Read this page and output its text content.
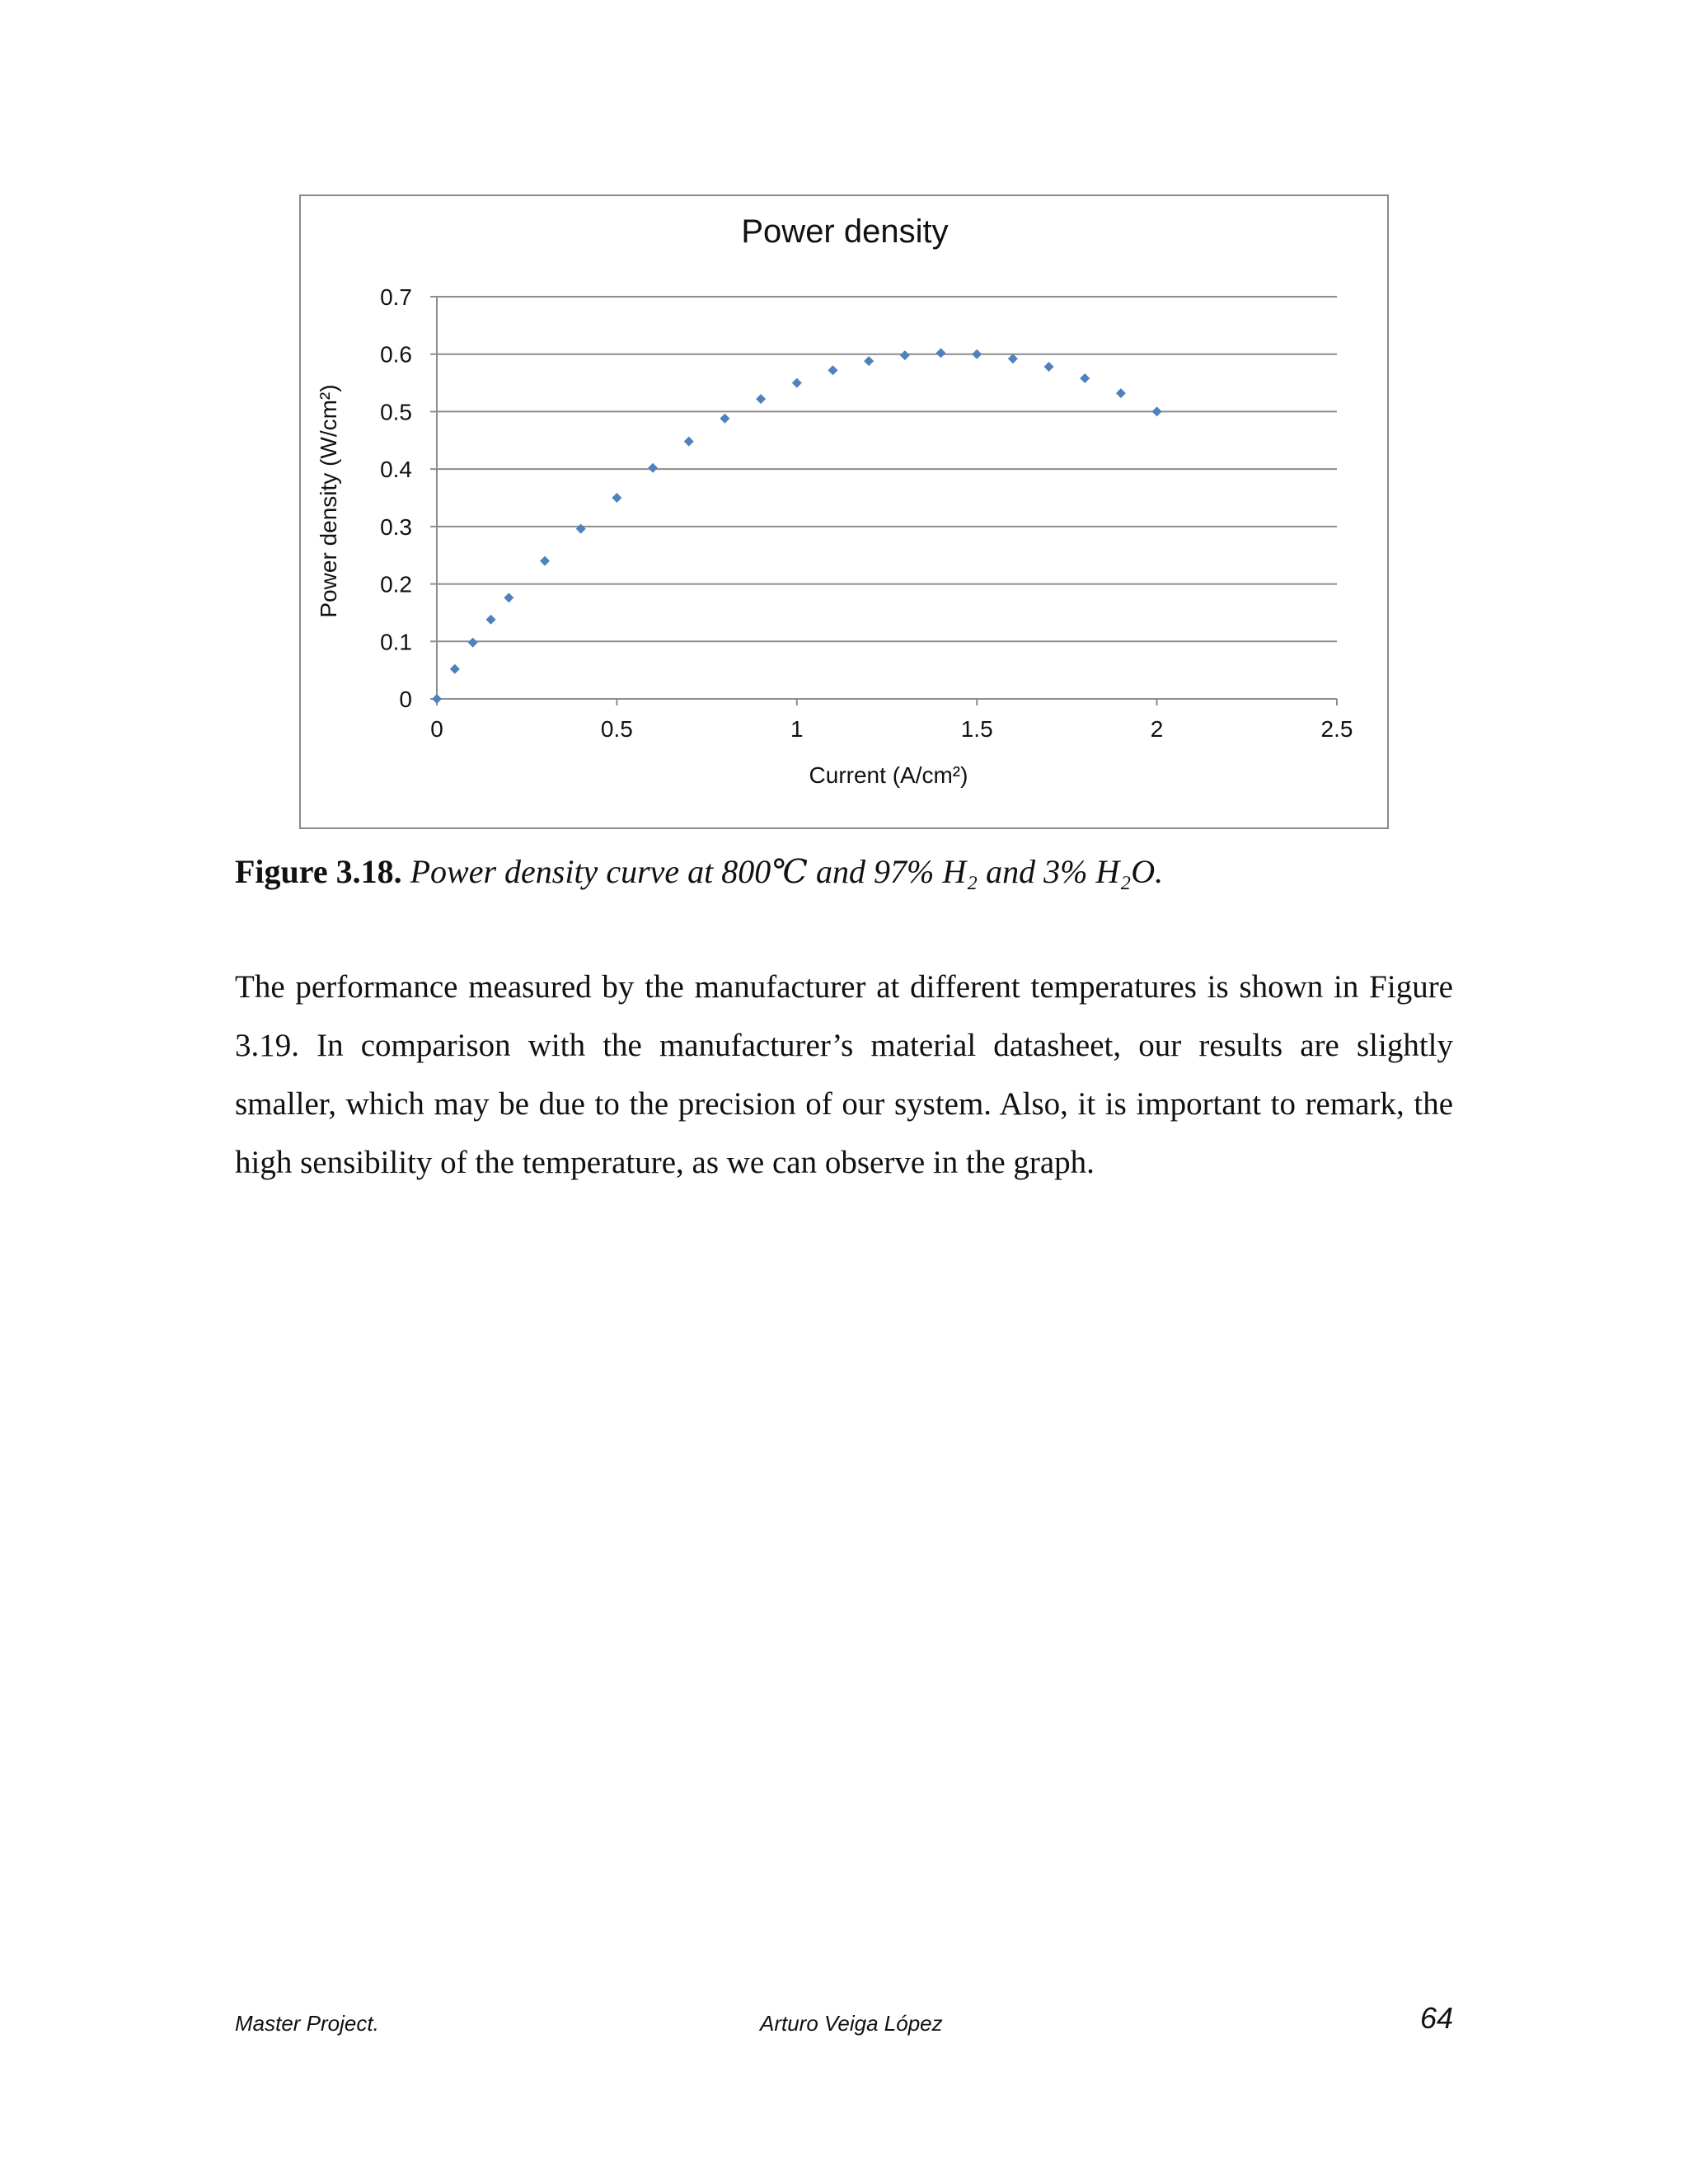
0
0.1
0.2
0.3
0.4
0.5
0.6
0.7
0	0.5	1	1.5	2	2.5
Power density
Current (A/cm²)
Power density (W/cm²)
Figure 3.18. Power density curve at 800℃ and 97% H₂ and 3% H₂O.
The performance measured by the manufacturer at different temperatures is shown in Figure 3.19. In comparison with the manufacturer’s material datasheet, our results are slightly smaller, which may be due to the precision of our system. Also, it is important to remark, the high sensibility of the temperature, as we can observe in the graph.
Master Project.	Arturo Veiga López	64
